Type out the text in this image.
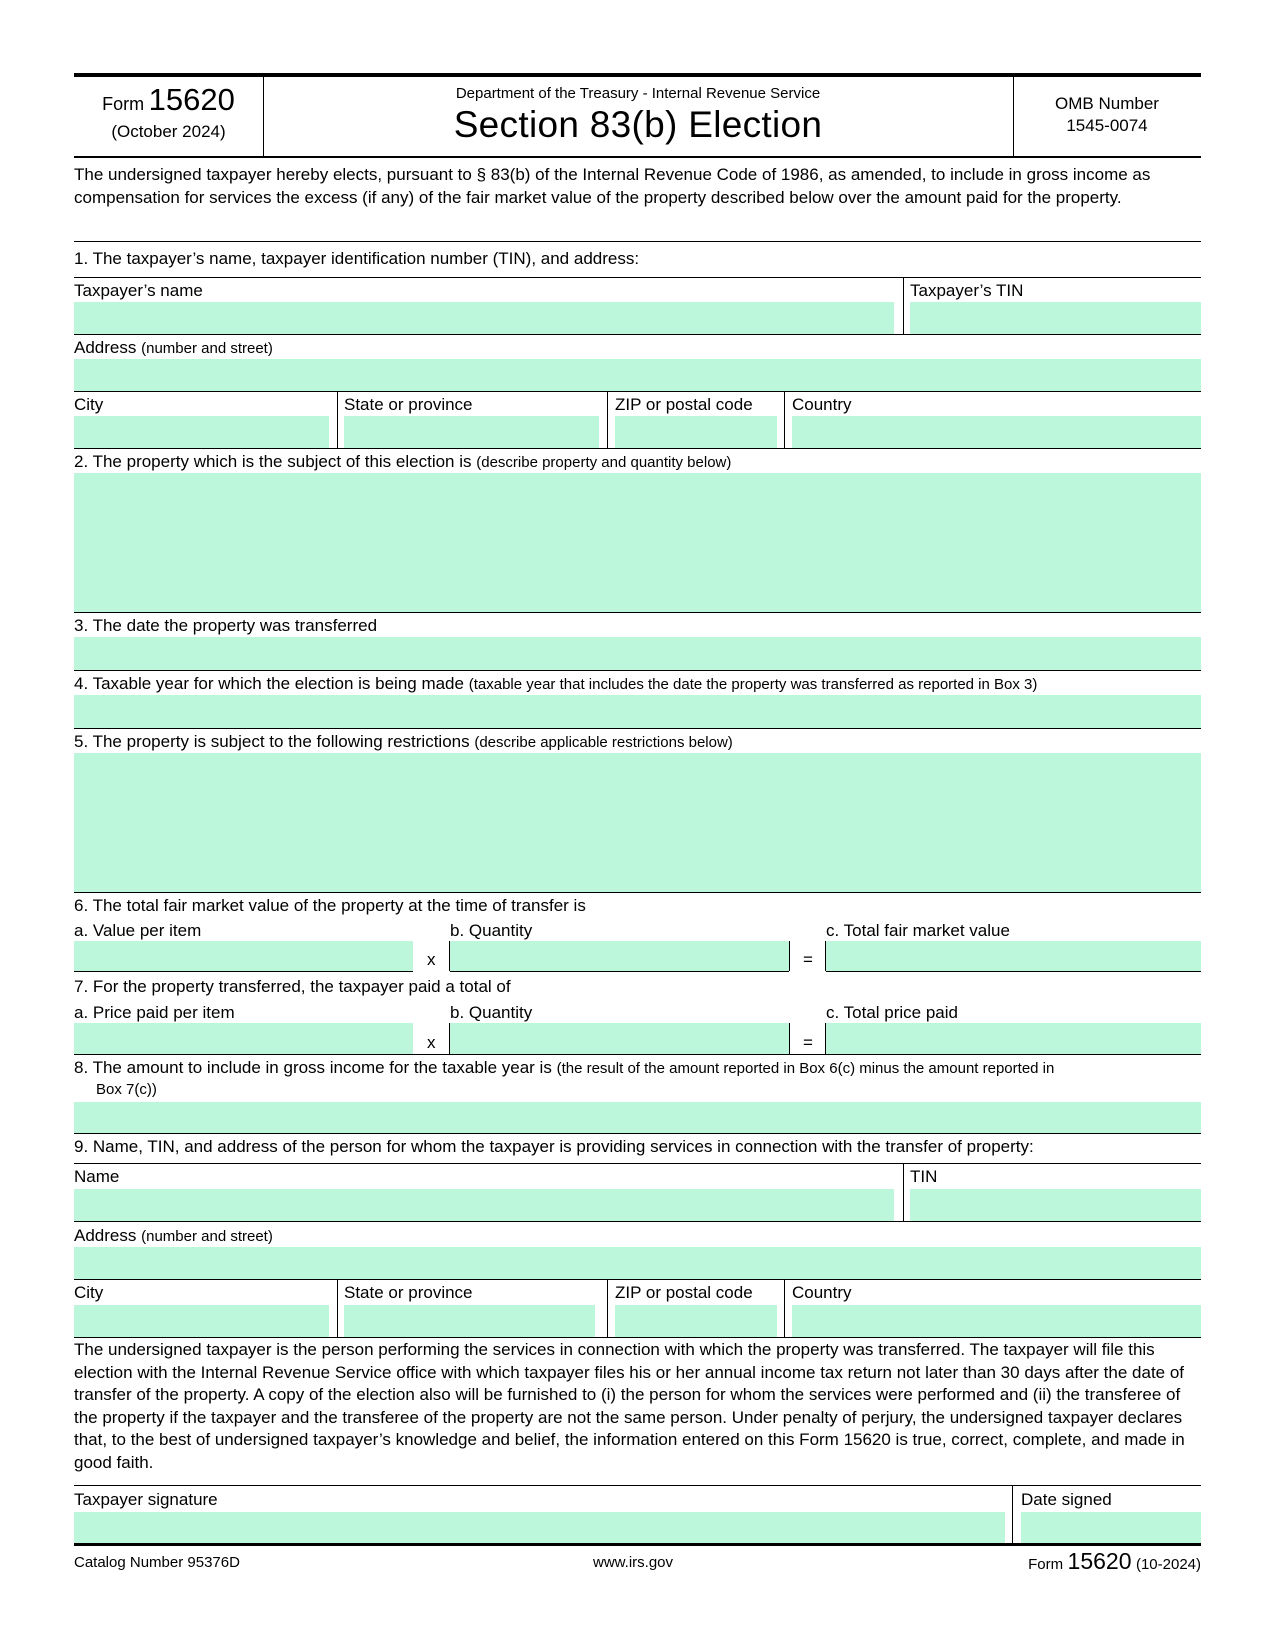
Form 15620
(October 2024)
Department of the Treasury - Internal Revenue Service
Section 83(b) Election
OMB Number
1545-0074
The undersigned taxpayer hereby elects, pursuant to § 83(b) of the Internal Revenue Code of 1986, as amended, to include in gross income as compensation for services the excess (if any) of the fair market value of the property described below over the amount paid for the property.
1. The taxpayer’s name, taxpayer identification number (TIN), and address:
Taxpayer’s name	Taxpayer’s TIN
Address (number and street)
City	State or province	ZIP or postal code Country
2. The property which is the subject of this election is (describe property and quantity below)
3. The date the property was transferred
4. Taxable year for which the election is being made (taxable year that includes the date the property was transferred as reported in Box 3)
5. The property is subject to the following restrictions (describe applicable restrictions below)
6. The total fair market value of the property at the time of transfer is
a. Value per item	b. Quantity	c. Total fair market value
x	=
7. For the property transferred, the taxpayer paid a total of
a. Price paid per item	b. Quantity	c. Total price paid
x	=
8. The amount to include in gross income for the taxable year is (the result of the amount reported in Box 6(c) minus the amount reported in
Box 7(c))
9. Name, TIN, and address of the person for whom the taxpayer is providing services in connection with the transfer of property:
Name	TIN
Address (number and street)
City	State or province	ZIP or postal code Country
The undersigned taxpayer is the person performing the services in connection with which the property was transferred. The taxpayer will file this election with the Internal Revenue Service office with which taxpayer files his or her annual income tax return not later than 30 days after the date of transfer of the property. A copy of the election also will be furnished to (i) the person for whom the services were performed and (ii) the transferee of the property if the taxpayer and the transferee of the property are not the same person. Under penalty of perjury, the undersigned taxpayer declares that, to the best of undersigned taxpayer’s knowledge and belief, the information entered on this Form 15620 is true, correct, complete, and made in good faith.
Taxpayer signature	Date signed
Catalog Number 95376D	www.irs.gov	Form 15620 (10-2024)
